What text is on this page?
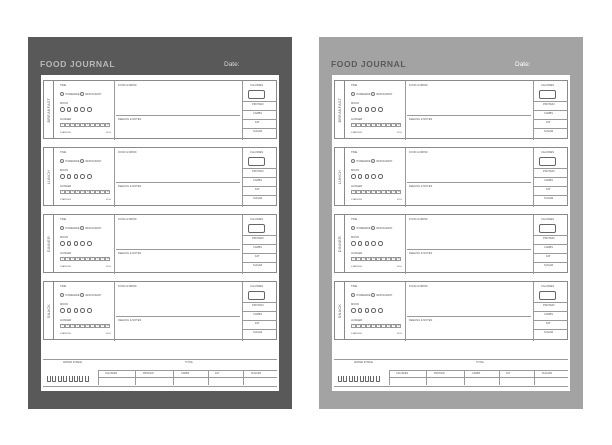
FOOD JOURNAL	Date:
BREAKFAST
TIME
HOMEMADE	RESTAURANT
MOOD
HUNGER
1	2	3	4	5	6	7	8	9	10
STARVING	FULL
FOOD & DRINK
FEELING & NOTES
CALORIES
PROTEIN
CARBS
FAT
SUGAR
LUNCH
TIME
HOMEMADE	RESTAURANT
MOOD
HUNGER
1	2	3	4	5	6	7	8	9	10
STARVING	FULL
FOOD & DRINK
FEELING & NOTES
CALORIES
PROTEIN
CARBS
FAT
SUGAR
DINNER
TIME
HOMEMADE	RESTAURANT
MOOD
HUNGER
1	2	3	4	5	6	7	8	9	10
STARVING	FULL
FOOD & DRINK
FEELING & NOTES
CALORIES
PROTEIN
CARBS
FAT
SUGAR
SNACK
TIME
HOMEMADE	RESTAURANT
MOOD
HUNGER
1	2	3	4	5	6	7	8	9	10
STARVING	FULL
FOOD & DRINK
FEELING & NOTES
CALORIES
PROTEIN
CARBS
FAT
SUGAR
WATER INTAKE	TOTAL
CALORIES	PROTEIN	CARBS	FAT	SUGARS
FOOD JOURNAL	Date:
BREAKFAST
TIME
HOMEMADE	RESTAURANT
MOOD
HUNGER
1	2	3	4	5	6	7	8	9	10
STARVING	FULL
FOOD & DRINK
FEELING & NOTES
CALORIES
PROTEIN
CARBS
FAT
SUGAR
LUNCH
TIME
HOMEMADE	RESTAURANT
MOOD
HUNGER
1	2	3	4	5	6	7	8	9	10
STARVING	FULL
FOOD & DRINK
FEELING & NOTES
CALORIES
PROTEIN
CARBS
FAT
SUGAR
DINNER
TIME
HOMEMADE	RESTAURANT
MOOD
HUNGER
1	2	3	4	5	6	7	8	9	10
STARVING	FULL
FOOD & DRINK
FEELING & NOTES
CALORIES
PROTEIN
CARBS
FAT
SUGAR
SNACK
TIME
HOMEMADE	RESTAURANT
MOOD
HUNGER
1	2	3	4	5	6	7	8	9	10
STARVING	FULL
FOOD & DRINK
FEELING & NOTES
CALORIES
PROTEIN
CARBS
FAT
SUGAR
WATER INTAKE	TOTAL
CALORIES	PROTEIN	CARBS	FAT	SUGARS
